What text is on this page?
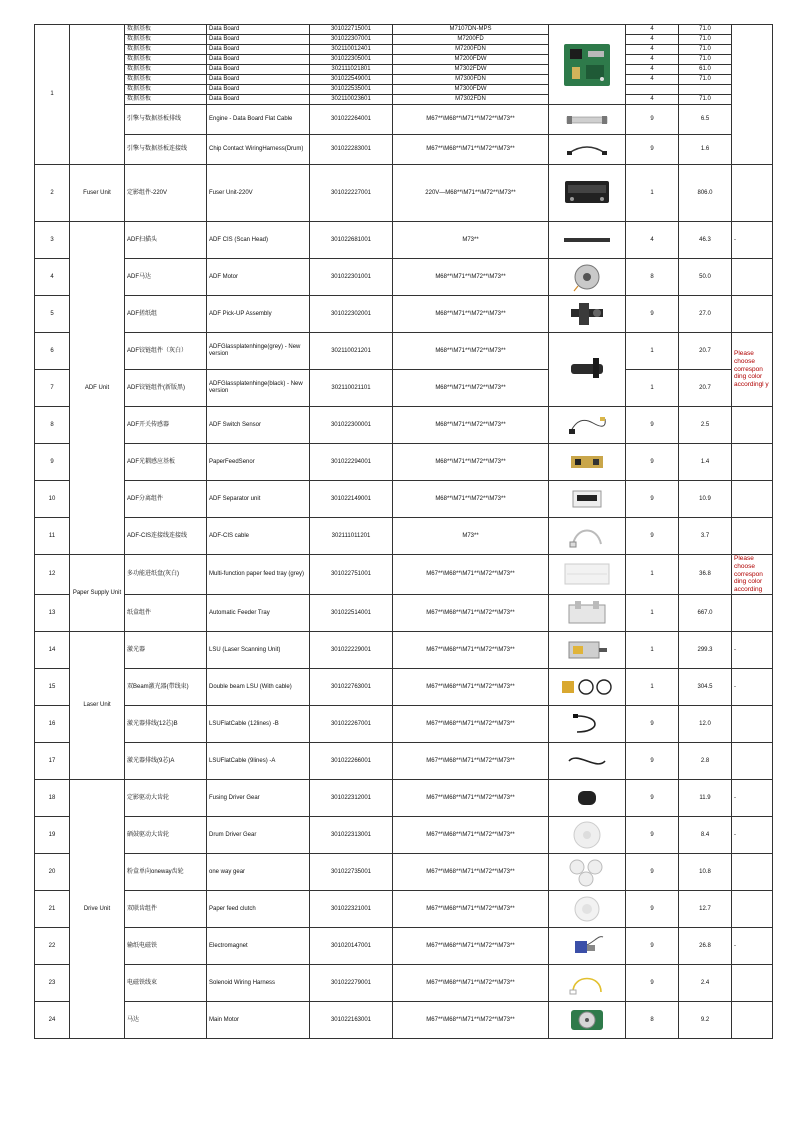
1		数据基板	Data Board	301022715001	M7107DN-MPS		4	71.0	
		数据基板	Data Board	301022307001	M7200FD		4	71.0	
		数据基板	Data Board	302110012401	M7200FDN		4	71.0	
		数据基板	Data Board	301022305001	M7200FDW		4	71.0	
		数据基板	Data Board	302111021801	M7302FDW		4	61.0	
		数据基板	Data Board	301022549001	M7300FDN		4	71.0	
		数据基板	Data Board	301022535001	M7300FDW				
		数据基板	Data Board	302110023601	M7302FDN		4	71.0	
		引擎与数据基板排线	Engine - Data Board Flat Cable	301022264001	M67**\M68**\M71**\M72**\M73**		9	6.5	
		引擎与数据基板连接线	Chip Contact WiringHarness(Drum)	301022283001	M67**\M68**\M71**\M72**\M73**		9	1.6	
2	Fuser Unit	定影组件-220V	Fuser Unit-220V	301022227001	220V—M68**\M71**\M72**\M73**		1	806.0	
3	ADF Unit	ADF扫描头	ADF CIS (Scan Head)	301022681001	M73**		4	46.3	-
4		ADF马达	ADF Motor	301022301001	M68**\M71**\M72**\M73**		8	50.0	
5		ADF搓纸组	ADF Pick-UP Assembly	301022302001	M68**\M71**\M72**\M73**		9	27.0	
6		ADF铰链组件（灰白）	ADFGlassplatenhinge(grey) - New version	302110021201	M68**\M71**\M72**\M73**		1	20.7	Please choose correspon ding color accordingl y
7		ADF铰链组件(新版黑)	ADFGlassplatenhinge(black) - New version	302110021101	M68**\M71**\M72**\M73**		1	20.7	
8		ADF开关传感器	ADF Switch Sensor	301022300001	M68**\M71**\M72**\M73**		9	2.5	
9		ADF光耦感应基板	PaperFeedSenor	301022294001	M68**\M71**\M72**\M73**		9	1.4	
10		ADF分离组件	ADF Separator unit	301022149001	M68**\M71**\M72**\M73**		9	10.9	
11		ADF-CIS连接线连接线	ADF-CIS cable	302111011201	M73**		9	3.7	
12	Paper Supply Unit	多功能进纸盘(灰白)	Multi-function paper feed tray (grey)	301022751001	M67**\M68**\M71**\M72**\M73**		1	36.8	Please choose correspon ding color according
13		纸盒组件	Automatic Feeder Tray	301022514001	M67**\M68**\M71**\M72**\M73**		1	667.0	
14	Laser Unit	激光器	LSU (Laser Scanning Unit)	301022229001	M67**\M68**\M71**\M72**\M73**		1	299.3	-
15		双Beam激光器(带线束)	Double beam LSU (With cable)	301022763001	M67**\M68**\M71**\M72**\M73**		1	304.5	-
16		激光器排线(12芯)B	LSUFlatCable (12lines) -B	301022267001	M67**\M68**\M71**\M72**\M73**		9	12.0	
17		激光器排线(9芯)A	LSUFlatCable (9lines) -A	301022266001	M67**\M68**\M71**\M72**\M73**		9	2.8	
18	Drive Unit	定影驱动大齿轮	Fusing Driver Gear	301022312001	M67**\M68**\M71**\M72**\M73**		9	11.9	-
19		硒鼓驱动大齿轮	Drum Driver Gear	301022313001	M67**\M68**\M71**\M72**\M73**		9	8.4	-
20		粉盒单向oneway齿轮	one way gear	301022735001	M67**\M68**\M71**\M72**\M73**		9	10.8	
21		双联齿组件	Paper feed clutch	301022321001	M67**\M68**\M71**\M72**\M73**		9	12.7	
22		输纸电磁铁	Electromagnet	301020147001	M67**\M68**\M71**\M72**\M73**		9	26.8	-
23		电磁铁线束	Solenoid Wiring Harness	301022279001	M67**\M68**\M71**\M72**\M73**		9	2.4	
24		马达	Main Motor	301022163001	M67**\M68**\M71**\M72**\M73**		8	9.2	
